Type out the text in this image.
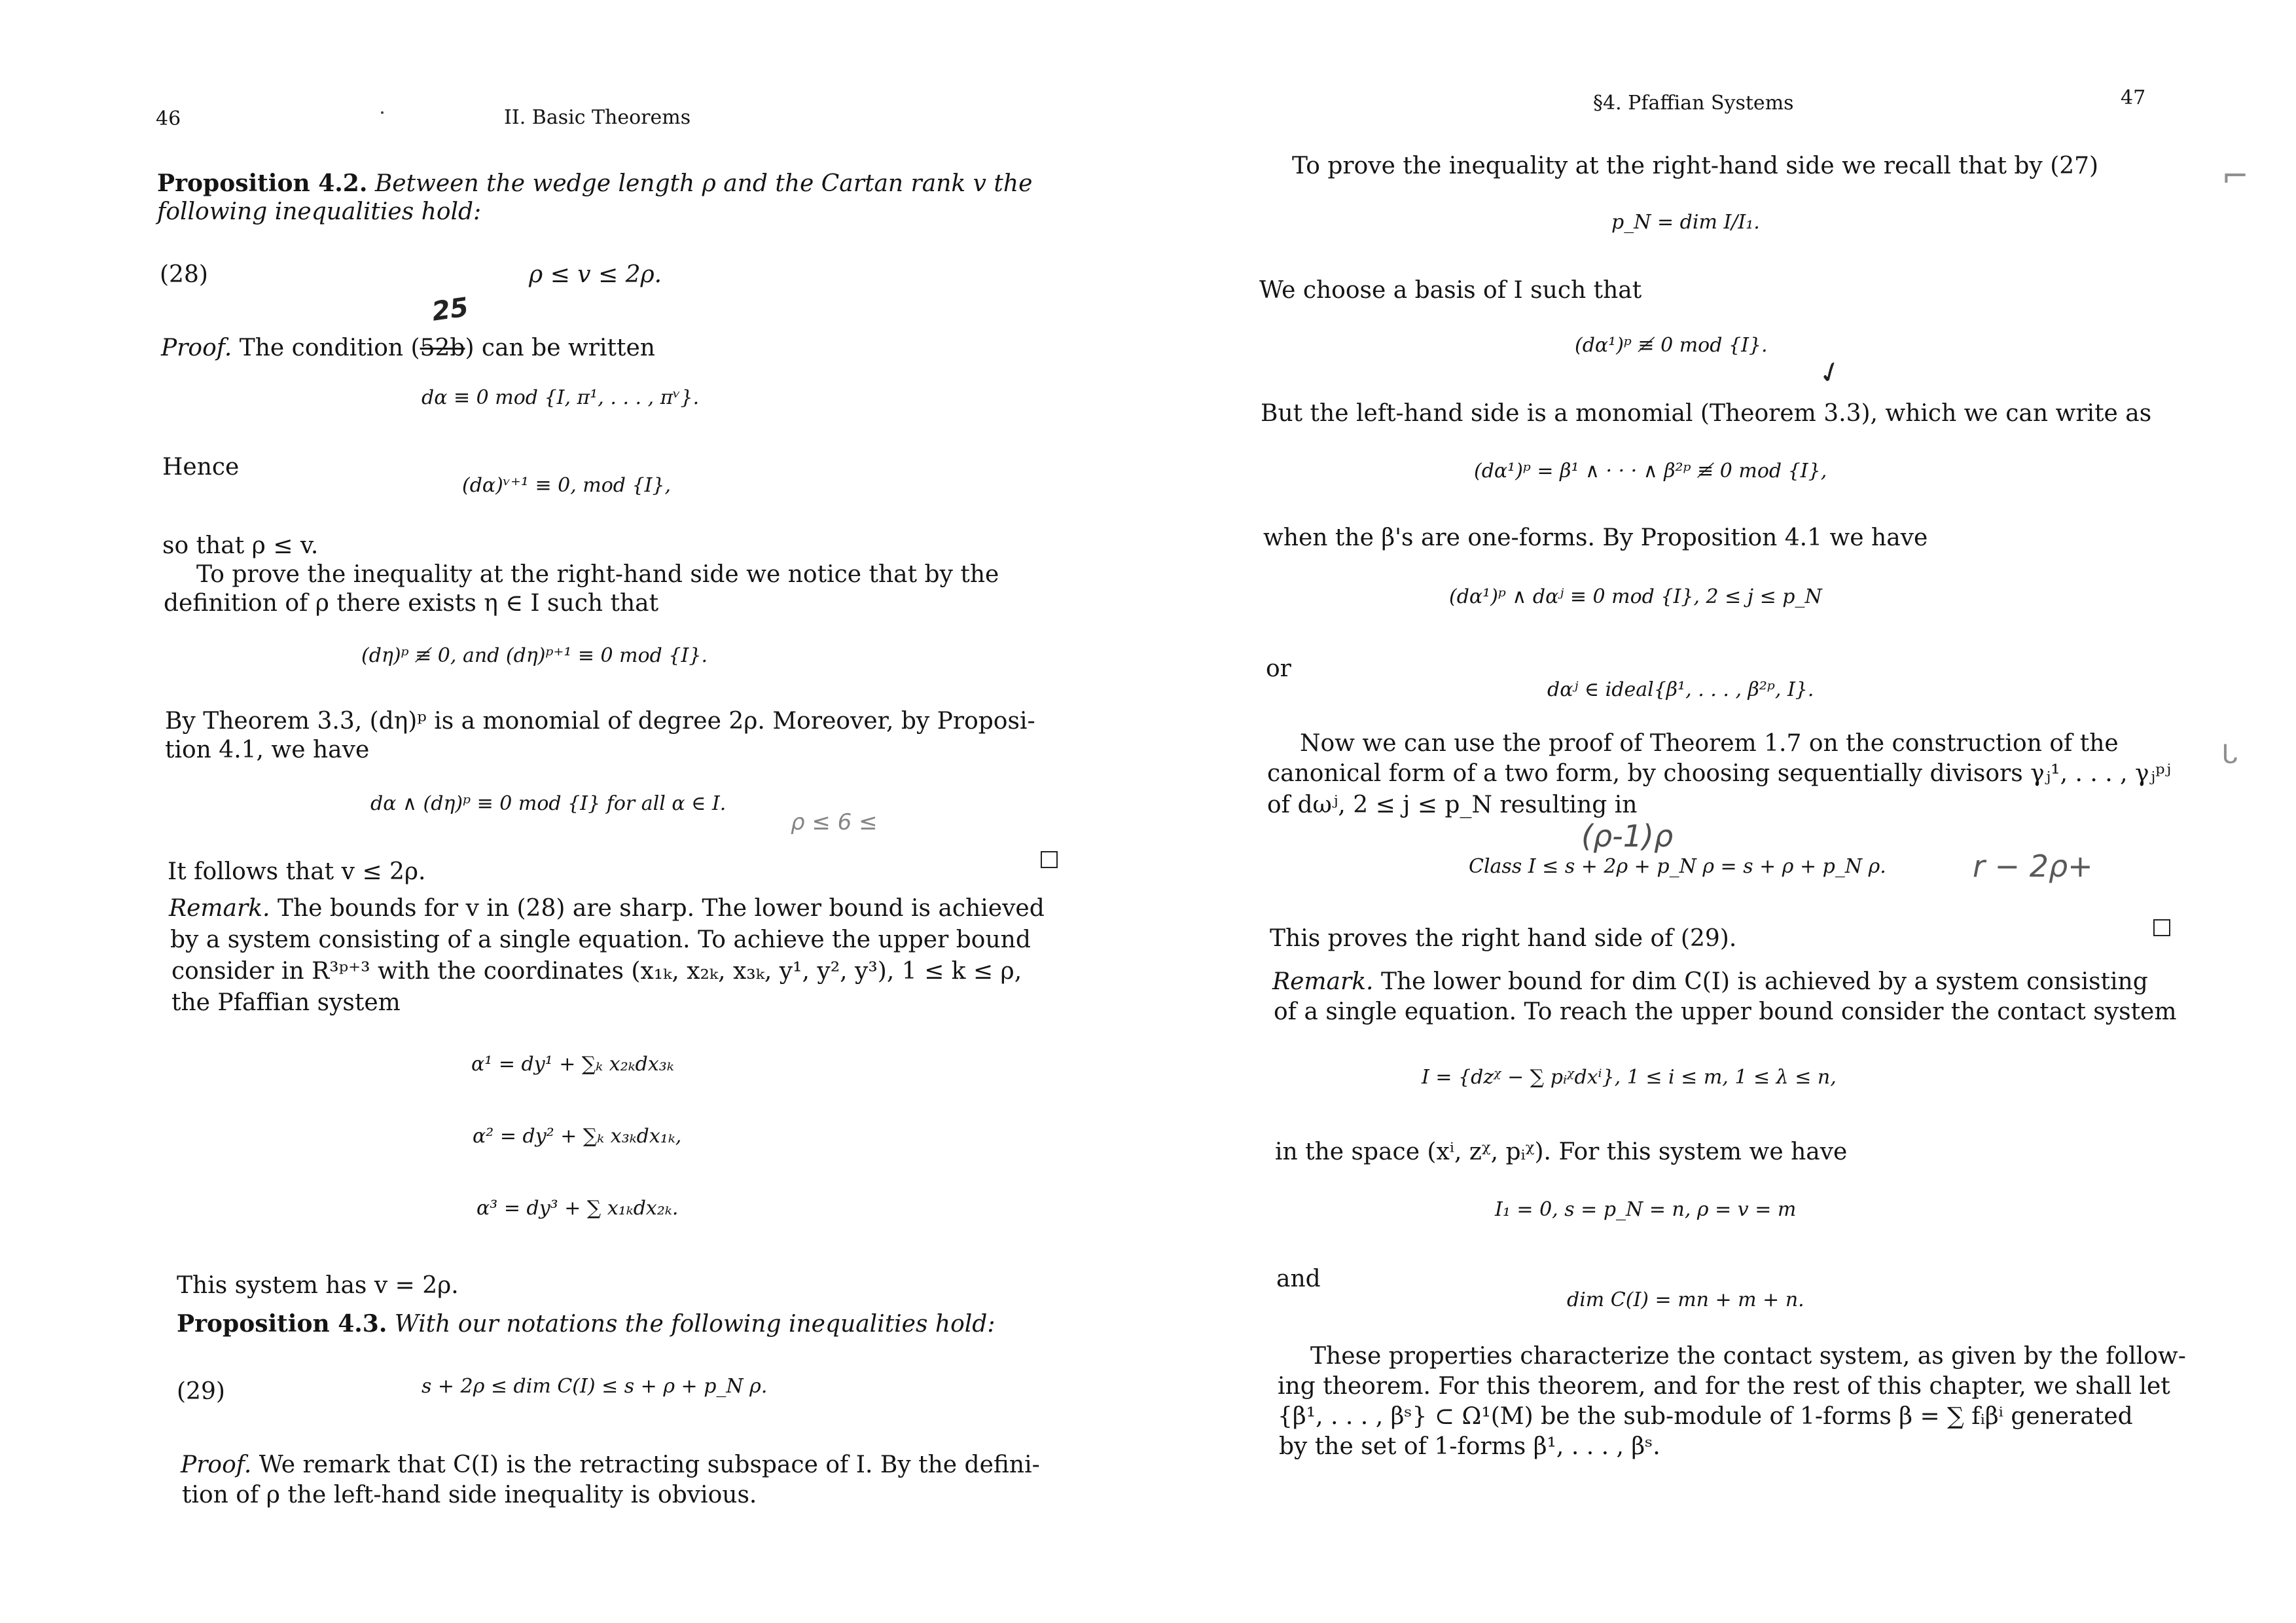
46	II. Basic Theorems
Proposition 4.2. Between the wedge length ρ and the Cartan rank v the
following inequalities hold:
(28)	ρ ≤ v ≤ 2ρ.
25
Proof. The condition (52b) can be written
dα ≡ 0 mod {I, π¹, . . . , πᵛ}.
Hence
(dα)ᵛ⁺¹ ≡ 0, mod {I},
so that ρ ≤ v.
To prove the inequality at the right-hand side we notice that by the
definition of ρ there exists η ∈ I such that
(dη)ᵖ ≢ 0, and (dη)ᵖ⁺¹ ≡ 0 mod {I}.
By Theorem 3.3, (dη)ᵖ is a monomial of degree 2ρ. Moreover, by Proposi-
tion 4.1, we have
dα ∧ (dη)ᵖ ≡ 0 mod {I} for all α ∈ I.
It follows that v ≤ 2ρ.
ρ ≤ 6 ≤
Remark. The bounds for v in (28) are sharp. The lower bound is achieved
by a system consisting of a single equation. To achieve the upper bound
consider in R³ᵖ⁺³ with the coordinates (x₁ₖ, x₂ₖ, x₃ₖ, y¹, y², y³), 1 ≤ k ≤ ρ,
the Pfaffian system
α¹ = dy¹ + ∑ₖ x₂ₖdx₃ₖ
α² = dy² + ∑ₖ x₃ₖdx₁ₖ,
α³ = dy³ + ∑ x₁ₖdx₂ₖ.
This system has v = 2ρ.
Proposition 4.3. With our notations the following inequalities hold:
(29)	s + 2ρ ≤ dim C(I) ≤ s + ρ + p_N ρ.
Proof. We remark that C(I) is the retracting subspace of I. By the defini-
tion of ρ the left-hand side inequality is obvious.
§4. Pfaffian Systems	47
To prove the inequality at the right-hand side we recall that by (27)
p_N = dim I/I₁.
We choose a basis of I such that
(dα¹)ᵖ ≢ 0 mod {I}.
✓
But the left-hand side is a monomial (Theorem 3.3), which we can write as
(dα¹)ᵖ = β¹ ∧ · · · ∧ β²ᵖ ≢ 0 mod {I},
when the β's are one-forms. By Proposition 4.1 we have
(dα¹)ᵖ ∧ dαʲ ≡ 0 mod {I}, 2 ≤ j ≤ p_N
or
dαʲ ∈ ideal{β¹, . . . , β²ᵖ, I}.
Now we can use the proof of Theorem 1.7 on the construction of the
canonical form of a two form, by choosing sequentially divisors γⱼ¹, . . . , γⱼᵖʲ
of dωʲ, 2 ≤ j ≤ p_N resulting in
Class I ≤ s + 2ρ + p_N ρ = s + ρ + p_N ρ.
(ρ-1)ρ
r − 2ρ+
This proves the right hand side of (29).
Remark. The lower bound for dim C(I) is achieved by a system consisting
of a single equation. To reach the upper bound consider the contact system
I = {dzᵡ − ∑ pᵢᵡdxⁱ}, 1 ≤ i ≤ m, 1 ≤ λ ≤ n,
in the space (xⁱ, zᵡ, pᵢᵡ). For this system we have
I₁ = 0, s = p_N = n, ρ = v = m
and
dim C(I) = mn + m + n.
These properties characterize the contact system, as given by the follow-
ing theorem. For this theorem, and for the rest of this chapter, we shall let
{β¹, . . . , βˢ} ⊂ Ω¹(M) be the sub-module of 1-forms β = ∑ fᵢβⁱ generated
by the set of 1-forms β¹, . . . , βˢ.
⌐
ᒐ
